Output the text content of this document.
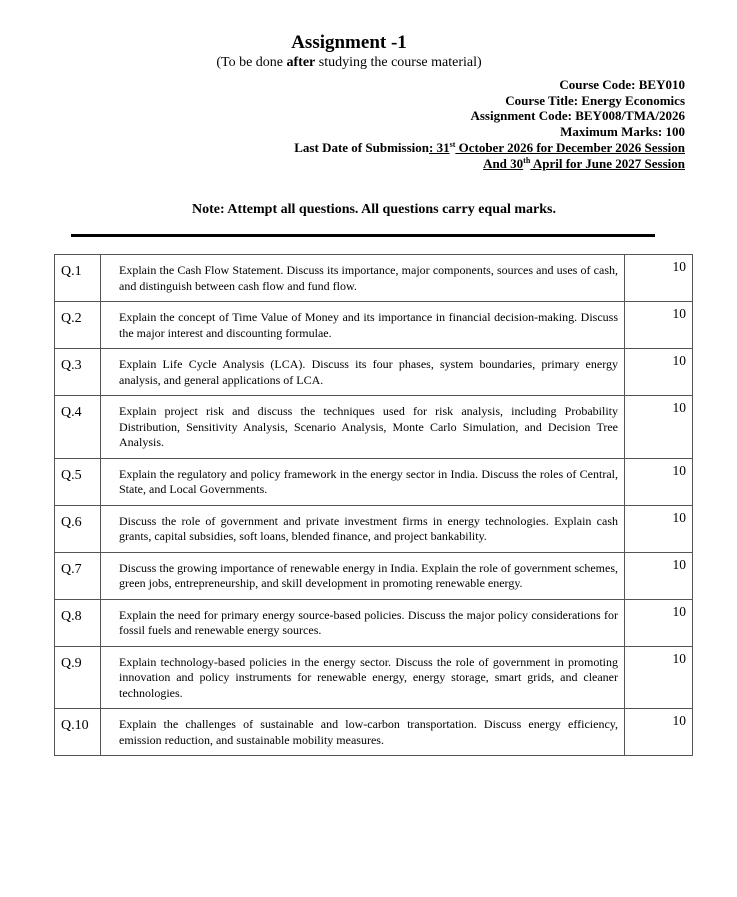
Assignment -1
(To be done after studying the course material)
Course Code: BEY010
Course Title: Energy Economics
Assignment Code: BEY008/TMA/2026
Maximum Marks: 100
Last Date of Submission: 31st October 2026 for December 2026 Session
And 30th April for June 2027 Session
Note: Attempt all questions. All questions carry equal marks.
Q.1	Explain the Cash Flow Statement. Discuss its importance, major components, sources and uses of cash, and distinguish between cash flow and fund flow.	10
Q.2	Explain the concept of Time Value of Money and its importance in financial decision-making. Discuss the major interest and discounting formulae.	10
Q.3	Explain Life Cycle Analysis (LCA). Discuss its four phases, system boundaries, primary energy analysis, and general applications of LCA.	10
Q.4	Explain project risk and discuss the techniques used for risk analysis, including Probability Distribution, Sensitivity Analysis, Scenario Analysis, Monte Carlo Simulation, and Decision Tree Analysis.	10
Q.5	Explain the regulatory and policy framework in the energy sector in India. Discuss the roles of Central, State, and Local Governments.	10
Q.6	Discuss the role of government and private investment firms in energy technologies. Explain cash grants, capital subsidies, soft loans, blended finance, and project bankability.	10
Q.7	Discuss the growing importance of renewable energy in India. Explain the role of government schemes, green jobs, entrepreneurship, and skill development in promoting renewable energy.	10
Q.8	Explain the need for primary energy source-based policies. Discuss the major policy considerations for fossil fuels and renewable energy sources.	10
Q.9	Explain technology-based policies in the energy sector. Discuss the role of government in promoting innovation and policy instruments for renewable energy, energy storage, smart grids, and cleaner technologies.	10
Q.10	Explain the challenges of sustainable and low-carbon transportation. Discuss energy efficiency, emission reduction, and sustainable mobility measures.	10
